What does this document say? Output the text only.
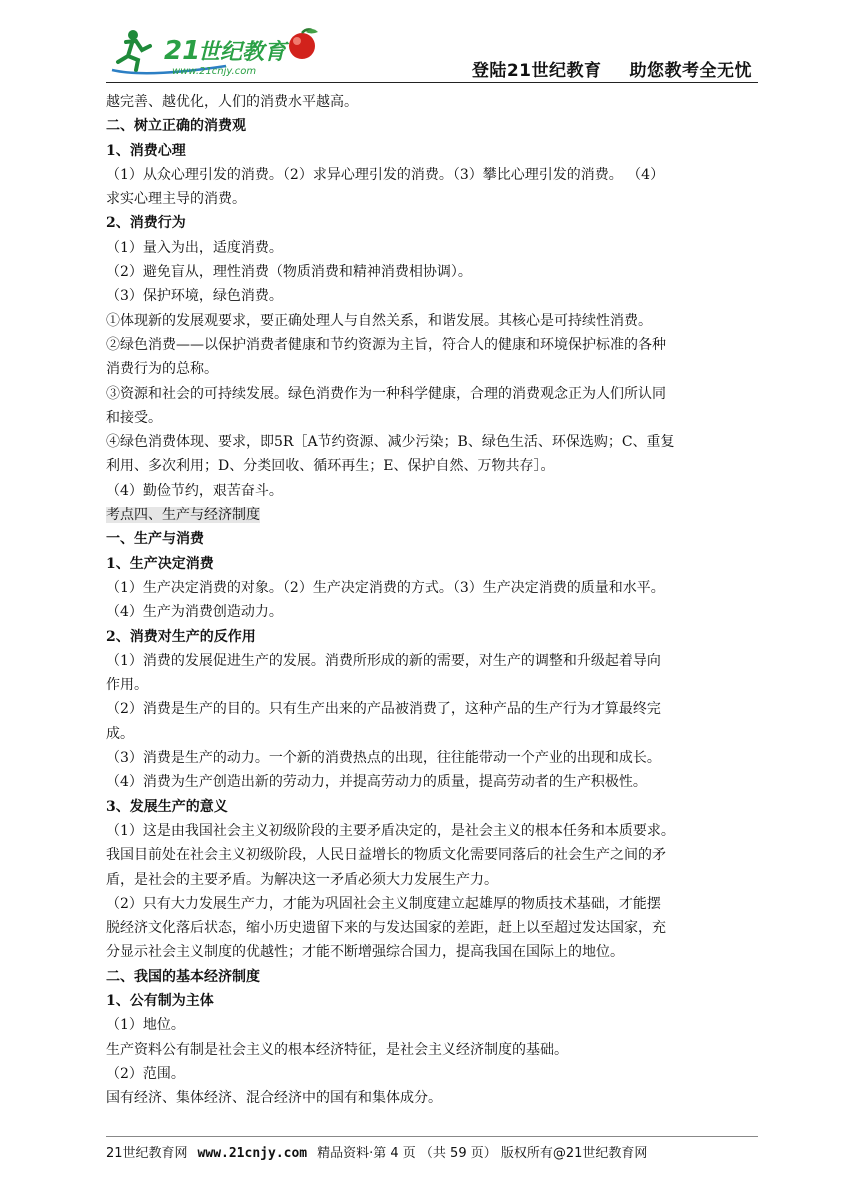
21
世纪教育
www.21cnjy.com	登陆21世纪教育 助您教考全无忧
越完善、越优化，人们的消费水平越高。
二、树立正确的消费观
1、消费心理
（1）从众心理引发的消费。（2）求异心理引发的消费。（3）攀比心理引发的消费。 （4）
求实心理主导的消费。
2、消费行为
（1）量入为出，适度消费。
（2）避免盲从，理性消费（物质消费和精神消费相协调）。
（3）保护环境，绿色消费。
①体现新的发展观要求，要正确处理人与自然关系，和谐发展。其核心是可持续性消费。
②绿色消费——以保护消费者健康和节约资源为主旨，符合人的健康和环境保护标准的各种
消费行为的总称。
③资源和社会的可持续发展。绿色消费作为一种科学健康，合理的消费观念正为人们所认同
和接受。
④绿色消费体现、要求，即5R［A节约资源、减少污染；B、绿色生活、环保选购；C、重复
利用、多次利用；D、分类回收、循环再生；E、保护自然、万物共存］。
（4）勤俭节约，艰苦奋斗。
考点四、生产与经济制度
一、生产与消费
1、生产决定消费
（1）生产决定消费的对象。（2）生产决定消费的方式。（3）生产决定消费的质量和水平。
（4）生产为消费创造动力。
2、消费对生产的反作用
（1）消费的发展促进生产的发展。消费所形成的新的需要，对生产的调整和升级起着导向
作用。
（2）消费是生产的目的。只有生产出来的产品被消费了，这种产品的生产行为才算最终完
成。
（3）消费是生产的动力。一个新的消费热点的出现，往往能带动一个产业的出现和成长。
（4）消费为生产创造出新的劳动力，并提高劳动力的质量，提高劳动者的生产积极性。
3、发展生产的意义
（1）这是由我国社会主义初级阶段的主要矛盾决定的，是社会主义的根本任务和本质要求。
我国目前处在社会主义初级阶段，人民日益增长的物质文化需要同落后的社会生产之间的矛
盾，是社会的主要矛盾。为解决这一矛盾必须大力发展生产力。
（2）只有大力发展生产力，才能为巩固社会主义制度建立起雄厚的物质技术基础，才能摆
脱经济文化落后状态，缩小历史遗留下来的与发达国家的差距，赶上以至超过发达国家，充
分显示社会主义制度的优越性；才能不断增强综合国力，提高我国在国际上的地位。
二、我国的基本经济制度
1、公有制为主体
（1）地位。
生产资料公有制是社会主义的根本经济特征，是社会主义经济制度的基础。
（2）范围。
国有经济、集体经济、混合经济中的国有和集体成分。
21世纪教育网 www.21cnjy.com 精品资料·第 4 页 （共 59 页） 版权所有@21世纪教育网
